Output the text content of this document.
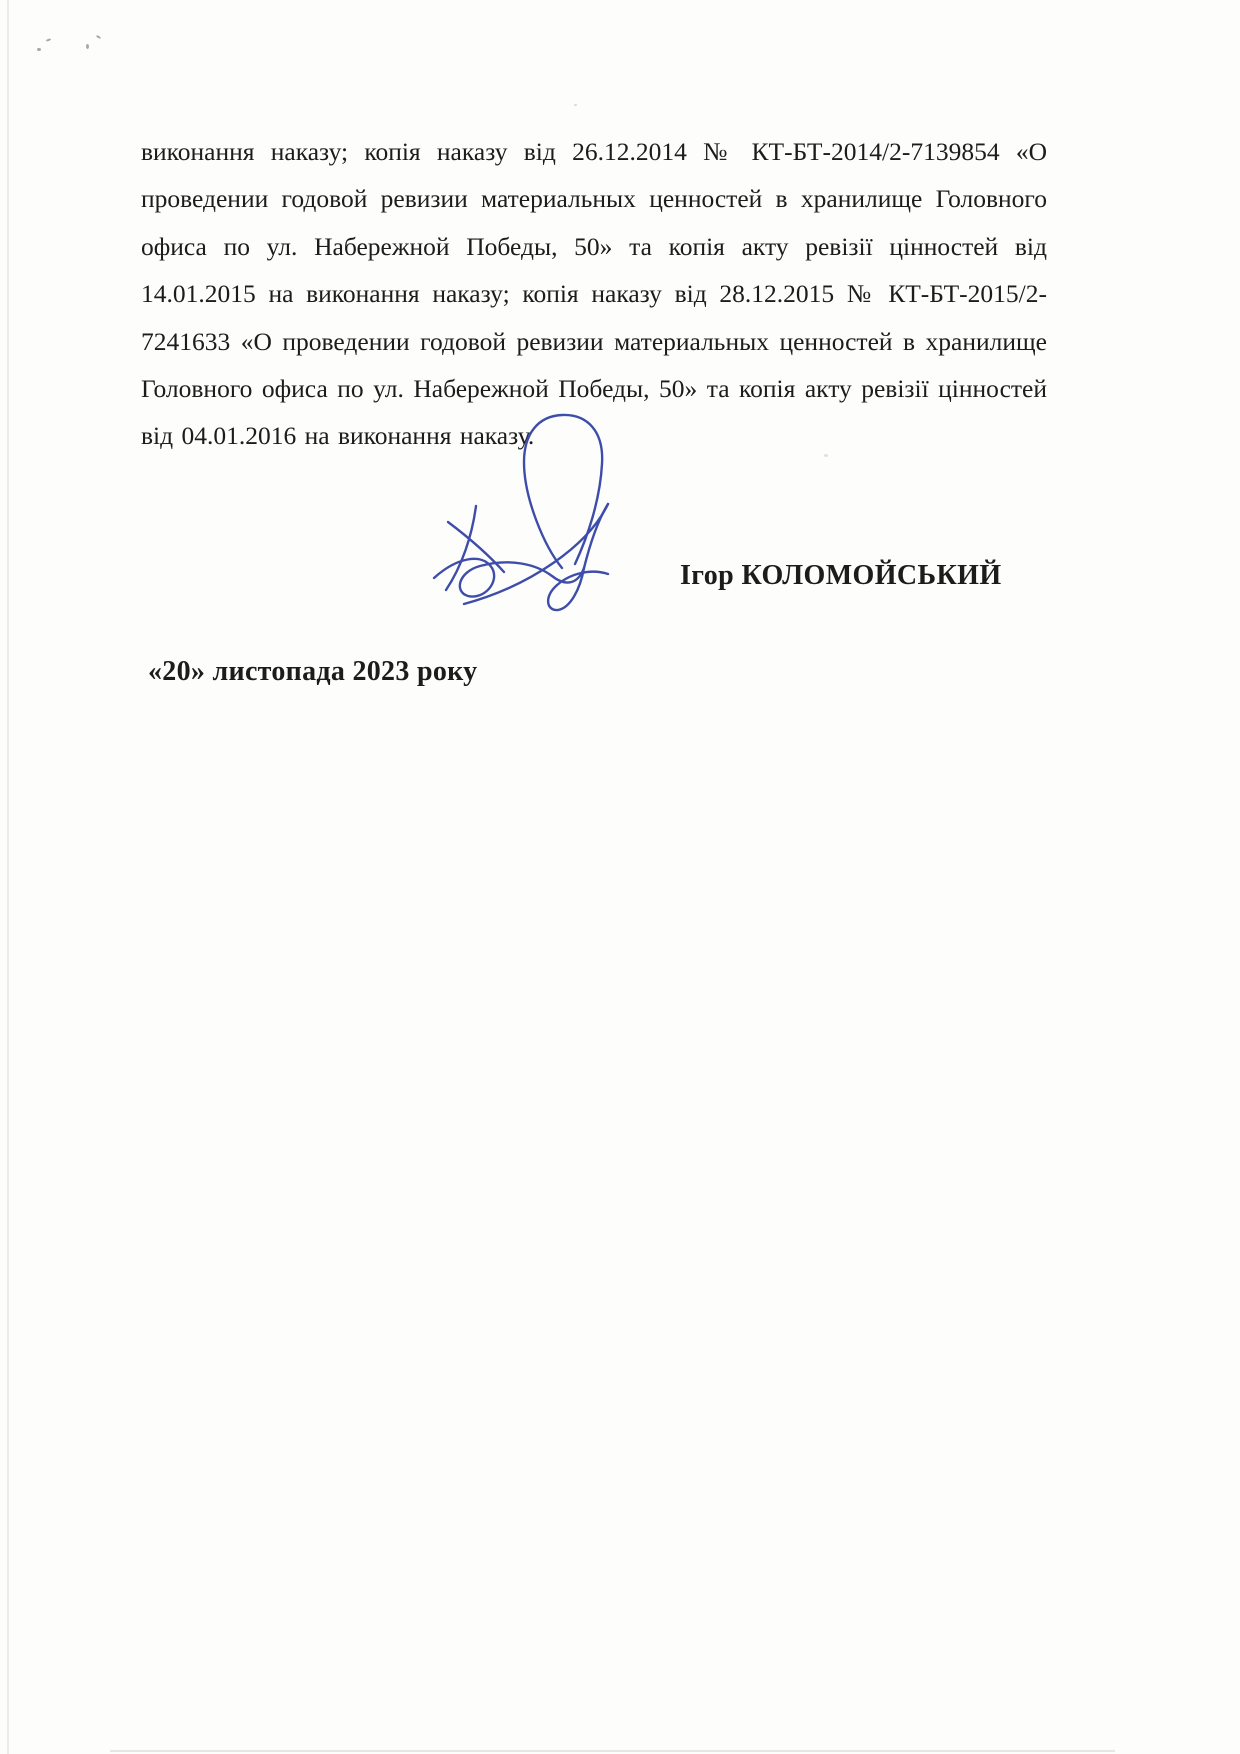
виконання наказу; копія наказу від 26.12.2014 № КТ-БТ-2014/2-7139854 «О
проведении годовой ревизии материальных ценностей в хранилище Головного
офиса по ул. Набережной Победы, 50» та копія акту ревізії цінностей від
14.01.2015 на виконання наказу; копія наказу від 28.12.2015 № КТ-БТ-2015/2-
7241633 «О проведении годовой ревизии материальных ценностей в хранилище
Головного офиса по ул. Набережной Победы, 50» та копія акту ревізії цінностей
від 04.01.2016 на виконання наказу.
Ігор КОЛОМОЙСЬКИЙ
«20» листопада 2023 року
